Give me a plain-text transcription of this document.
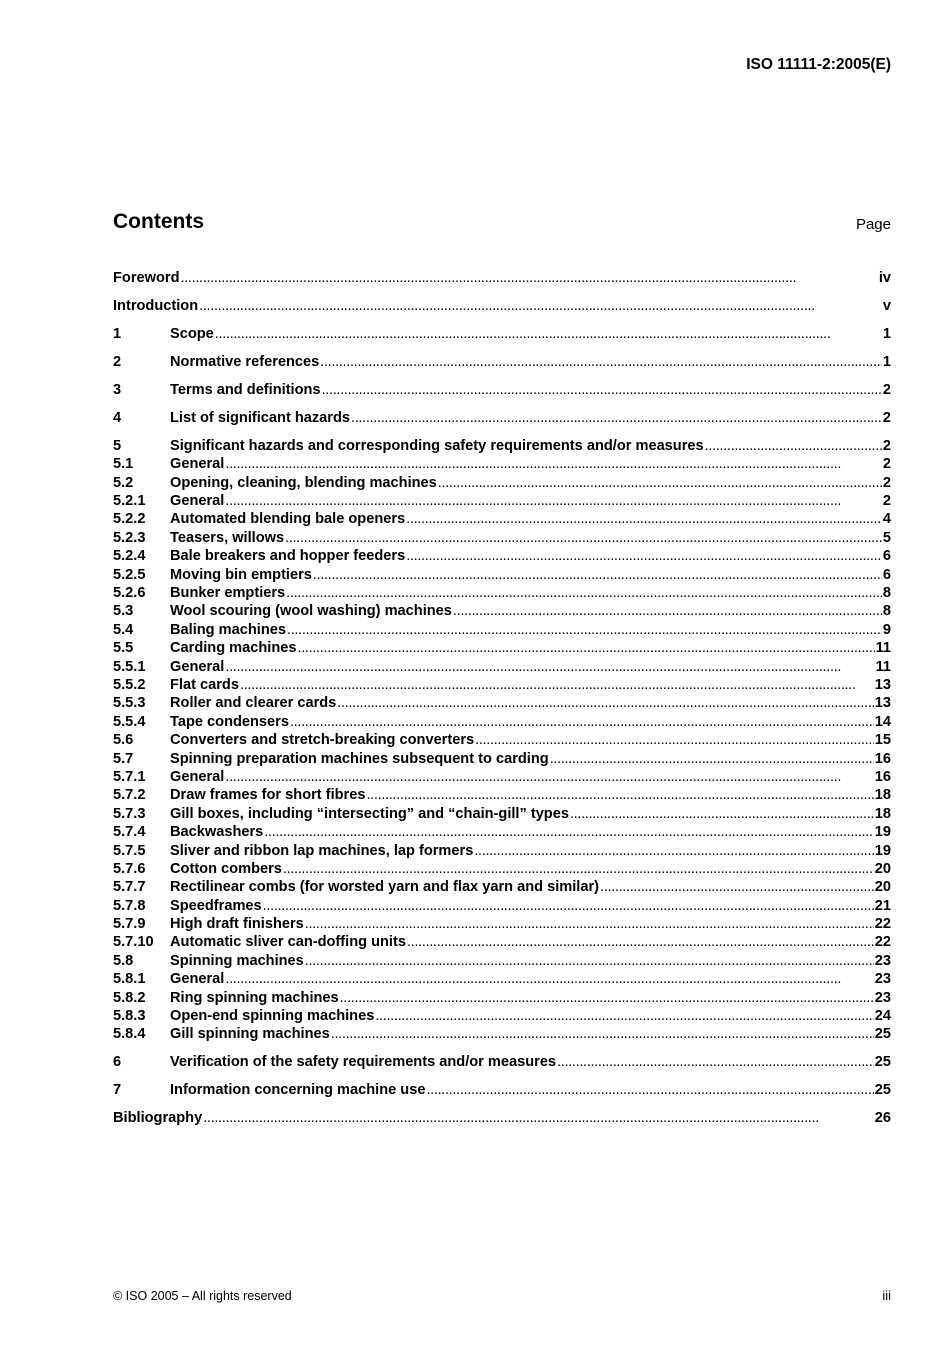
ISO 11111-2:2005(E)
Contents	Page
Foreword . . .	iv
Introduction . . .	v
1	Scope . . .	1
2	Normative references . . .	1
3	Terms and definitions . . .	2
4	List of significant hazards . . .	2
5	Significant hazards and corresponding safety requirements and/or measures . . .	2
5.1	General . . .	2
5.2	Opening, cleaning, blending machines . . .	2
5.2.1	General . . .	2
5.2.2	Automated blending bale openers . . .	4
5.2.3	Teasers, willows . . .	5
5.2.4	Bale breakers and hopper feeders . . .	6
5.2.5	Moving bin emptiers . . .	6
5.2.6	Bunker emptiers . . .	8
5.3	Wool scouring (wool washing) machines . . .	8
5.4	Baling machines . . .	9
5.5	Carding machines . . .	11
5.5.1	General . . .	11
5.5.2	Flat cards . . .	13
5.5.3	Roller and clearer cards . . .	13
5.5.4	Tape condensers . . .	14
5.6	Converters and stretch-breaking converters . . .	15
5.7	Spinning preparation machines subsequent to carding . . .	16
5.7.1	General . . .	16
5.7.2	Draw frames for short fibres . . .	18
5.7.3	Gill boxes, including “intersecting” and “chain-gill” types . . .	18
5.7.4	Backwashers . . .	19
5.7.5	Sliver and ribbon lap machines, lap formers . . .	19
5.7.6	Cotton combers . . .	20
5.7.7	Rectilinear combs (for worsted yarn and flax yarn and similar) . . .	20
5.7.8	Speedframes . . .	21
5.7.9	High draft finishers . . .	22
5.7.10	Automatic sliver can-doffing units . . .	22
5.8	Spinning machines . . .	23
5.8.1	General . . .	23
5.8.2	Ring spinning machines . . .	23
5.8.3	Open-end spinning machines . . .	24
5.8.4	Gill spinning machines . . .	25
6	Verification of the safety requirements and/or measures . . .	25
7	Information concerning machine use . . .	25
Bibliography . . .	26
© ISO 2005 – All rights reserved	iii
